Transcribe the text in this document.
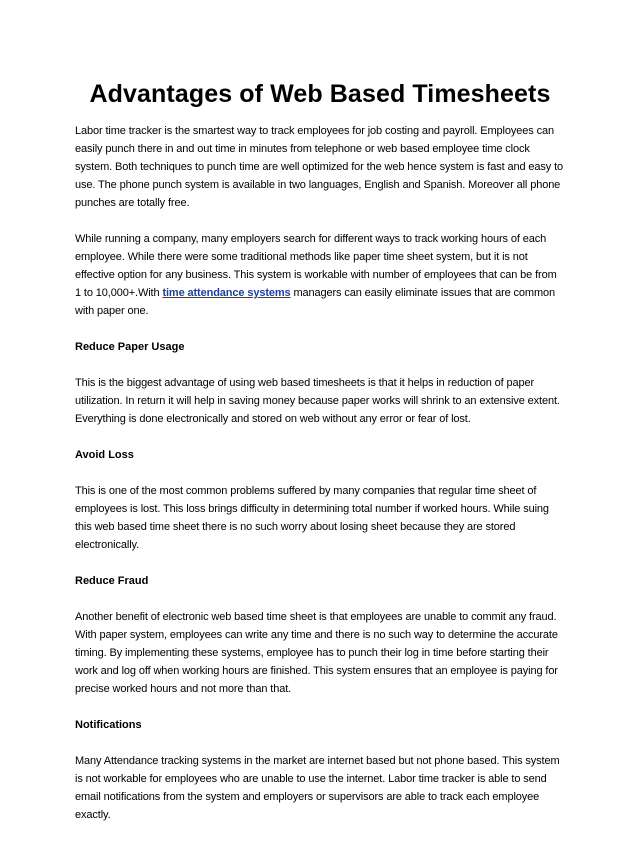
Advantages of Web Based Timesheets

Labor time tracker is the smartest way to track employees for job costing and payroll. Employees can easily punch there in and out time in minutes from telephone or web based employee time clock system. Both techniques to punch time are well optimized for the web hence system is fast and easy to use. The phone punch system is available in two languages, English and Spanish. Moreover all phone punches are totally free.

While running a company, many employers search for different ways to track working hours of each employee. While there were some traditional methods like paper time sheet system, but it is not effective option for any business. This system is workable with number of employees that can be from 1 to 10,000+.With time attendance systems managers can easily eliminate issues that are common with paper one.

Reduce Paper Usage

This is the biggest advantage of using web based timesheets is that it helps in reduction of paper utilization. In return it will help in saving money because paper works will shrink to an extensive extent. Everything is done electronically and stored on web without any error or fear of lost.

Avoid Loss

This is one of the most common problems suffered by many companies that regular time sheet of employees is lost. This loss brings difficulty in determining total number if worked hours. While suing this web based time sheet there is no such worry about losing sheet because they are stored electronically.

Reduce Fraud

Another benefit of electronic web based time sheet is that employees are unable to commit any fraud. With paper system, employees can write any time and there is no such way to determine the accurate timing. By implementing these systems, employee has to punch their log in time before starting their work and log off when working hours are finished. This system ensures that an employee is paying for precise worked hours and not more than that.

Notifications

Many Attendance tracking systems in the market are internet based but not phone based. This system is not workable for employees who are unable to use the internet. Labor time tracker is able to send email notifications from the system and employers or supervisors are able to track each employee exactly.
